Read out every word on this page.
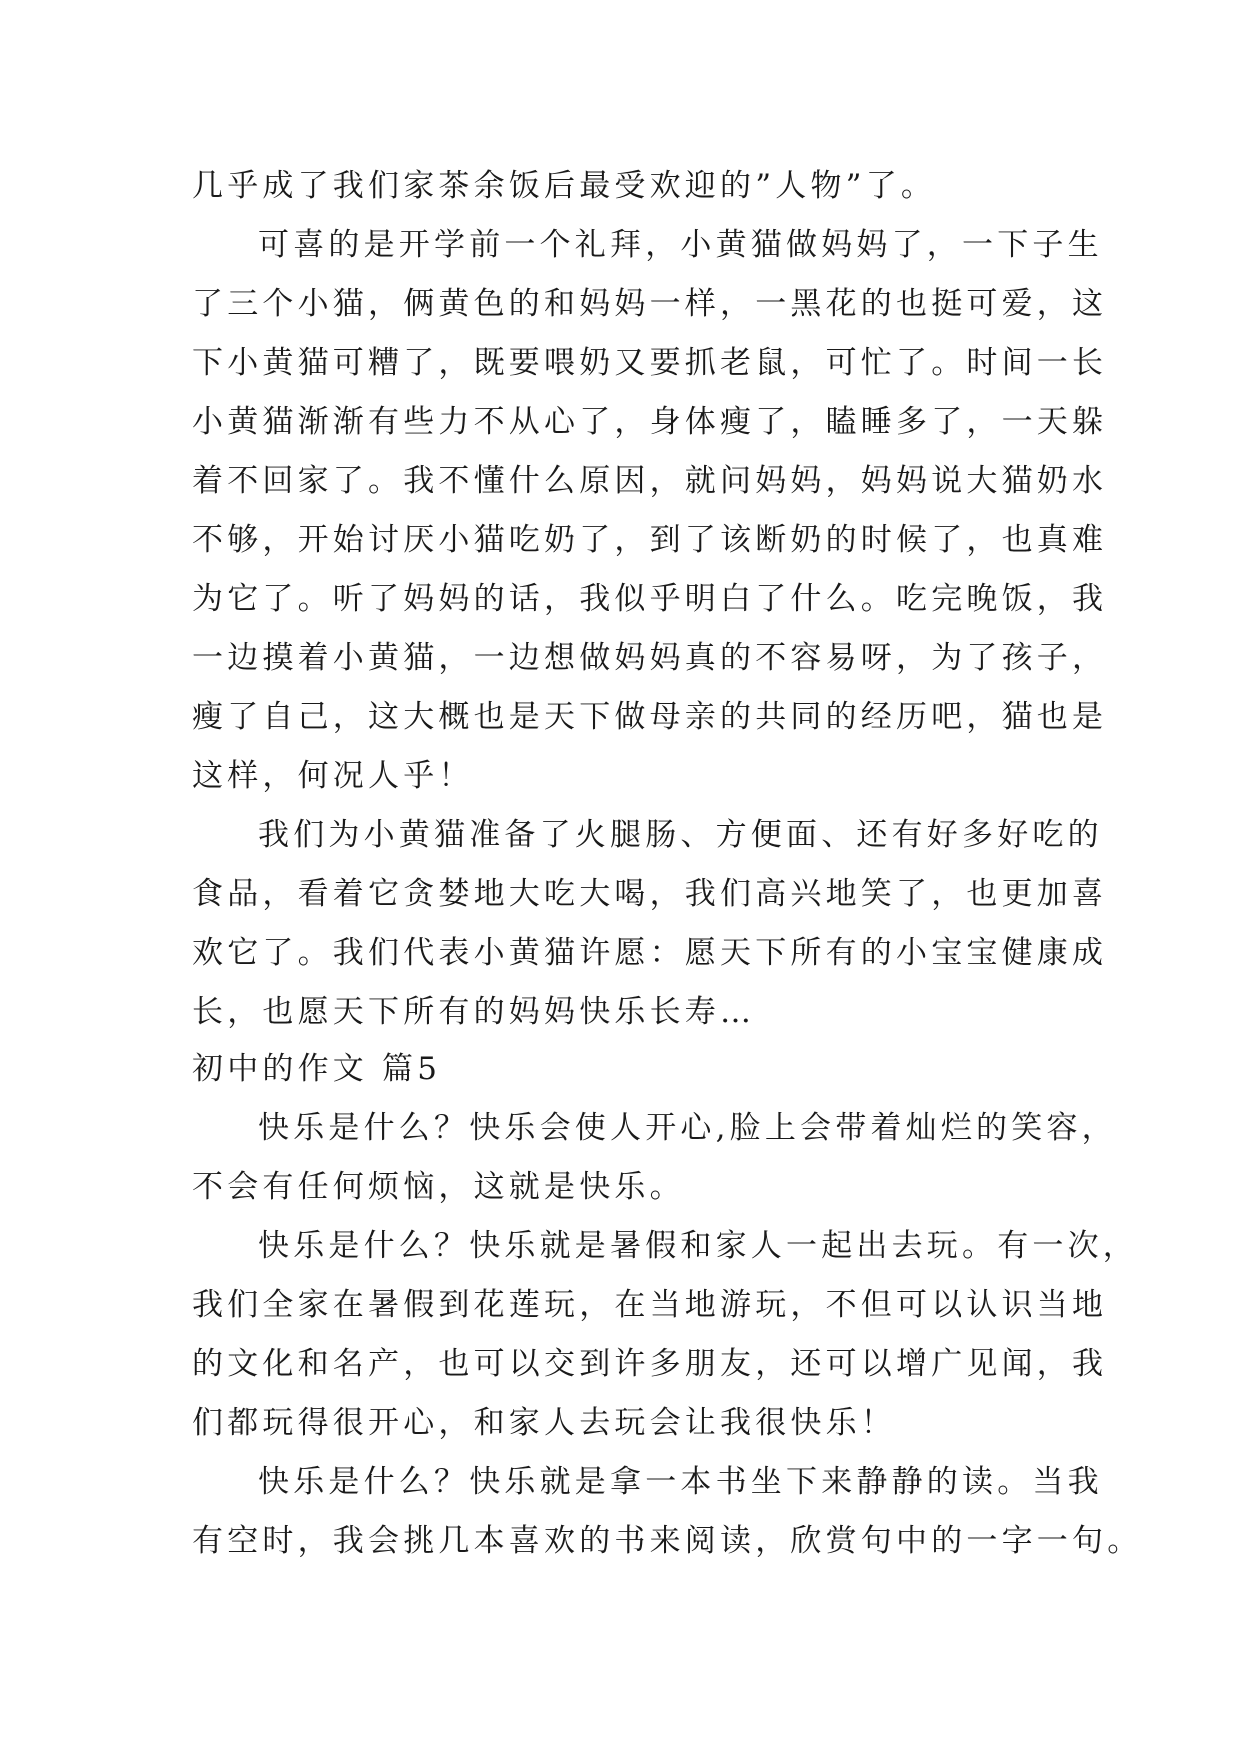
几乎成了我们家茶余饭后最受欢迎的”人物”了。
可喜的是开学前一个礼拜，小黄猫做妈妈了，一下子生
了三个小猫，俩黄色的和妈妈一样，一黑花的也挺可爱，这
下小黄猫可糟了，既要喂奶又要抓老鼠，可忙了。时间一长
小黄猫渐渐有些力不从心了，身体瘦了，瞌睡多了，一天躲
着不回家了。我不懂什么原因，就问妈妈，妈妈说大猫奶水
不够，开始讨厌小猫吃奶了，到了该断奶的时候了，也真难
为它了。听了妈妈的话，我似乎明白了什么。吃完晚饭，我
一边摸着小黄猫，一边想做妈妈真的不容易呀，为了孩子，
瘦了自己，这大概也是天下做母亲的共同的经历吧，猫也是
这样，何况人乎！
我们为小黄猫准备了火腿肠、方便面、还有好多好吃的
食品，看着它贪婪地大吃大喝，我们高兴地笑了，也更加喜
欢它了。我们代表小黄猫许愿：愿天下所有的小宝宝健康成
长，也愿天下所有的妈妈快乐长寿…
初中的作文 篇5
快乐是什么？快乐会使人开心,脸上会带着灿烂的笑容，
不会有任何烦恼，这就是快乐。
快乐是什么？快乐就是暑假和家人一起出去玩。有一次，
我们全家在暑假到花莲玩，在当地游玩，不但可以认识当地
的文化和名产，也可以交到许多朋友，还可以增广见闻，我
们都玩得很开心，和家人去玩会让我很快乐！
快乐是什么？快乐就是拿一本书坐下来静静的读。当我
有空时，我会挑几本喜欢的书来阅读，欣赏句中的一字一句。
